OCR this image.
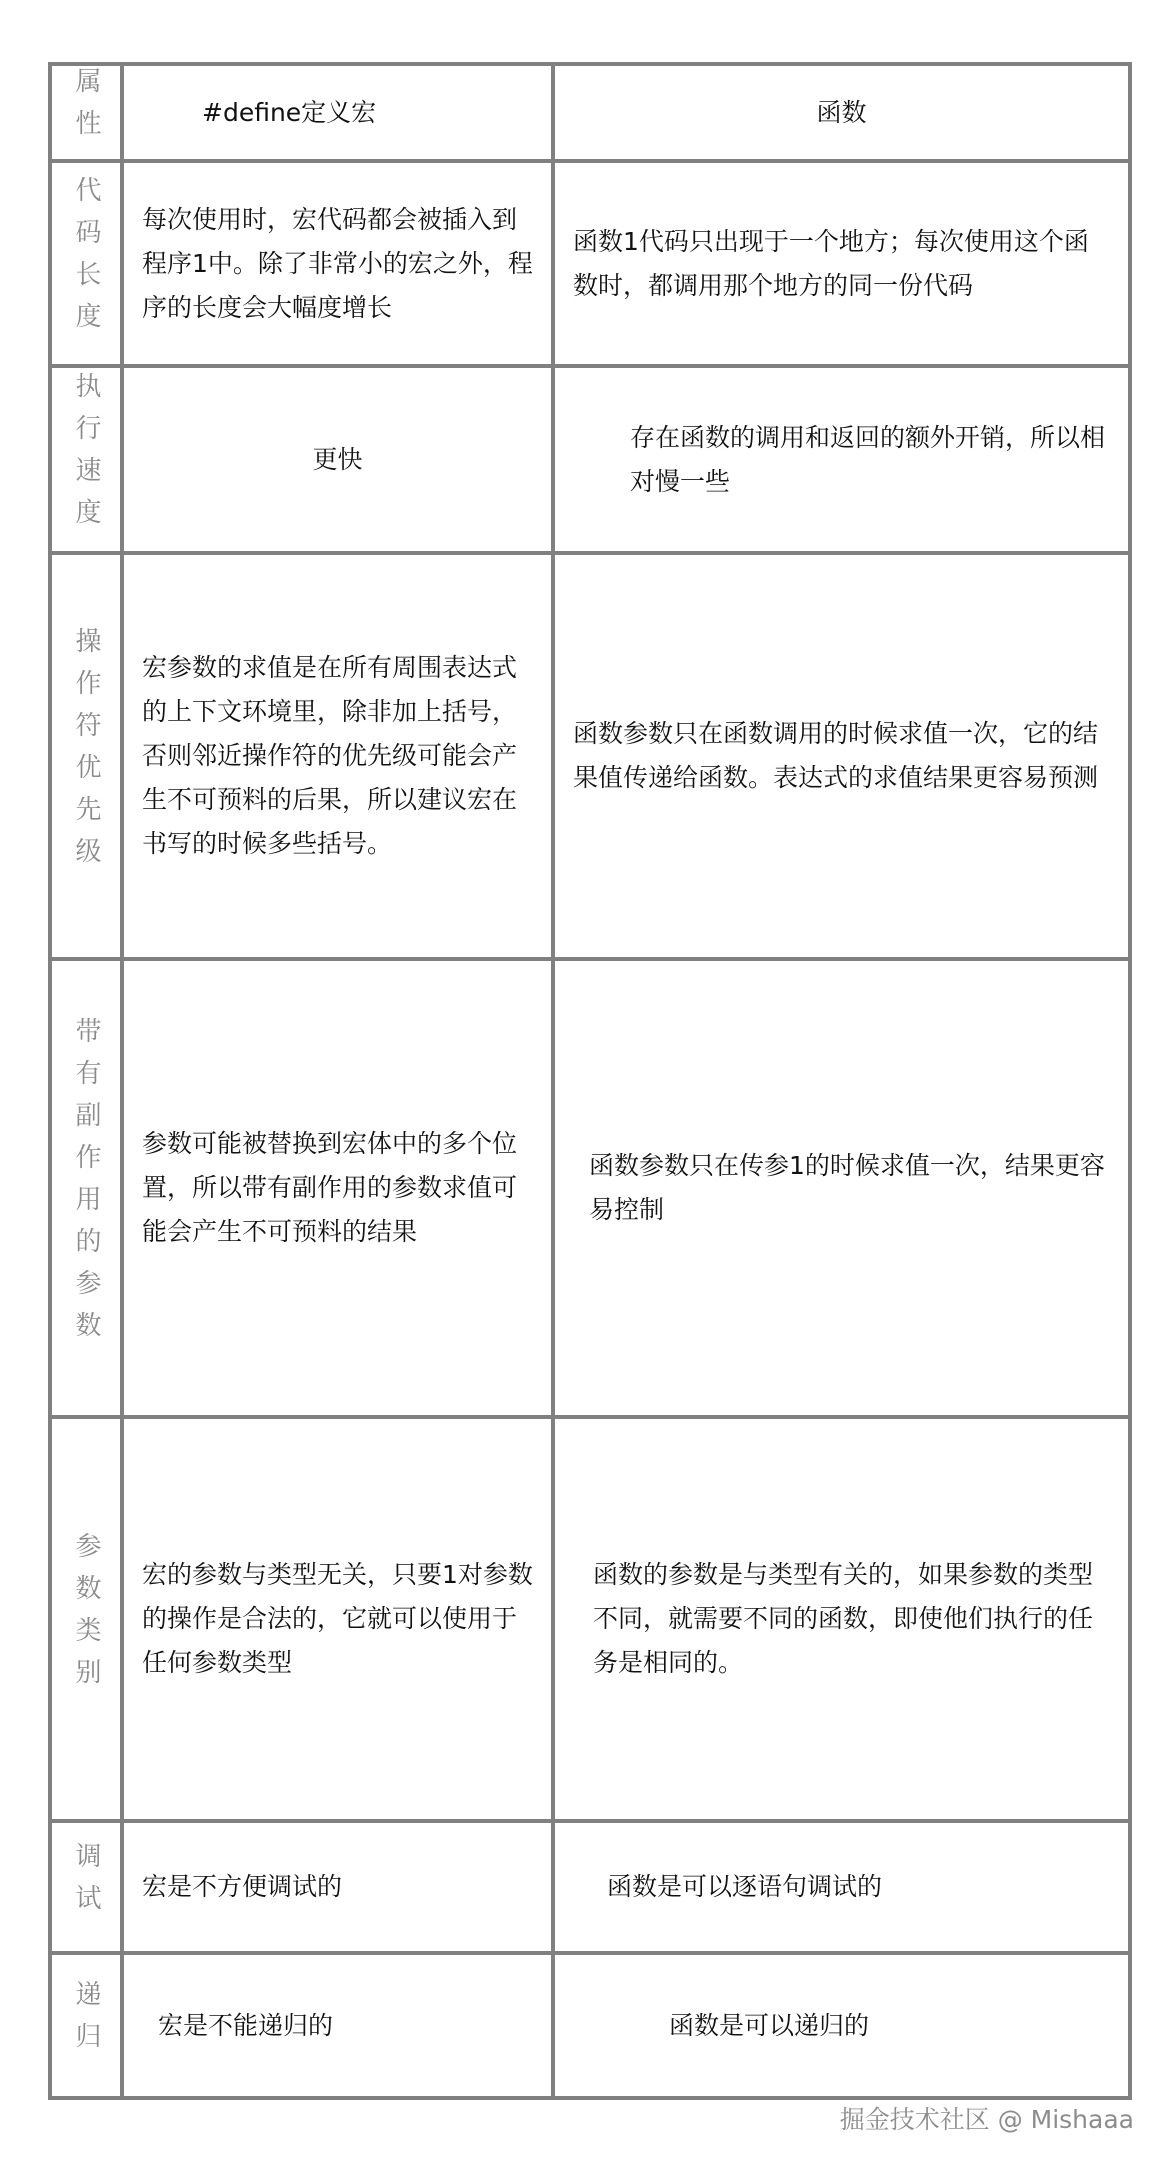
属性	#define定义宏	函数
代码长度	每次使用时，宏代码都会被插入到程序1中。除了非常小的宏之外，程序的长度会大幅度增长	函数1代码只出现于一个地方；每次使用这个函数时，都调用那个地方的同一份代码
执行速度	更快	存在函数的调用和返回的额外开销，所以相对慢一些
操作符优先级	宏参数的求值是在所有周围表达式的上下文环境里，除非加上括号，否则邻近操作符的优先级可能会产生不可预料的后果，所以建议宏在书写的时候多些括号。	函数参数只在函数调用的时候求值一次，它的结果值传递给函数。表达式的求值结果更容易预测
带有副作用的参数	参数可能被替换到宏体中的多个位置，所以带有副作用的参数求值可能会产生不可预料的结果	函数参数只在传参1的时候求值一次，结果更容易控制
参数类别	宏的参数与类型无关，只要1对参数的操作是合法的，它就可以使用于任何参数类型	函数的参数是与类型有关的，如果参数的类型不同，就需要不同的函数，即使他们执行的任务是相同的。
调试	宏是不方便调试的	函数是可以逐语句调试的
递归	宏是不能递归的	函数是可以递归的
掘金技术社区 @ Mishaaa
